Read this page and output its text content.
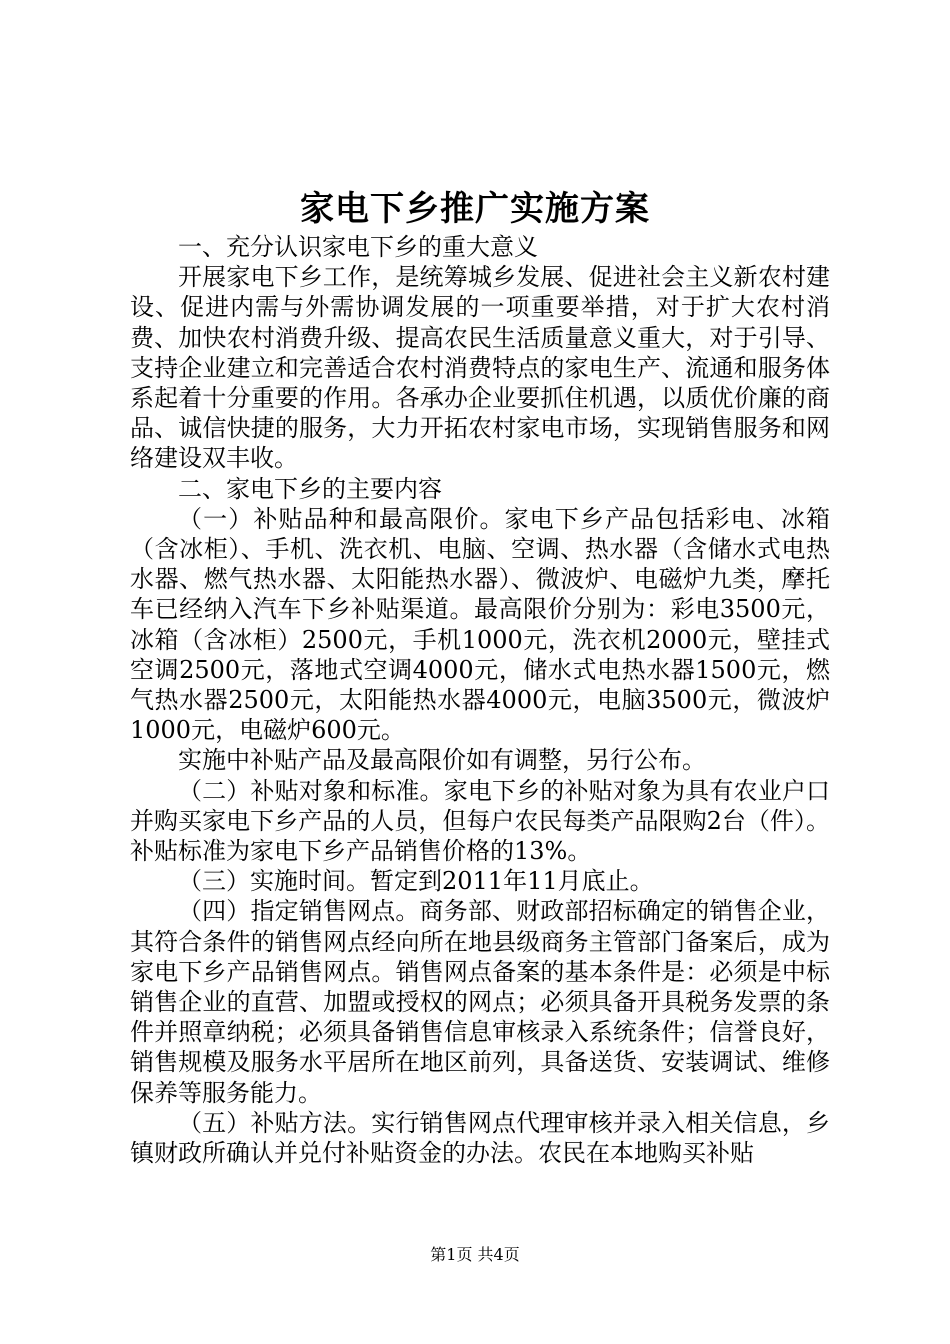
家电下乡推广实施方案

一、充分认识家电下乡的重大意义

开展家电下乡工作，是统筹城乡发展、促进社会主义新农村建设、促进内需与外需协调发展的一项重要举措，对于扩大农村消费、加快农村消费升级、提高农民生活质量意义重大，对于引导、支持企业建立和完善适合农村消费特点的家电生产、流通和服务体系起着十分重要的作用。各承办企业要抓住机遇，以质优价廉的商品、诚信快捷的服务，大力开拓农村家电市场，实现销售服务和网络建设双丰收。

二、家电下乡的主要内容

（一）补贴品种和最高限价。家电下乡产品包括彩电、冰箱（含冰柜）、手机、洗衣机、电脑、空调、热水器（含储水式电热水器、燃气热水器、太阳能热水器）、微波炉、电磁炉九类，摩托车已经纳入汽车下乡补贴渠道。最高限价分别为：彩电3500元，冰箱（含冰柜）2500元，手机1000元，洗衣机2000元，壁挂式空调2500元，落地式空调4000元，储水式电热水器1500元，燃气热水器2500元，太阳能热水器4000元，电脑3500元，微波炉1000元，电磁炉600元。

实施中补贴产品及最高限价如有调整，另行公布。

（二）补贴对象和标准。家电下乡的补贴对象为具有农业户口并购买家电下乡产品的人员，但每户农民每类产品限购2台（件）。补贴标准为家电下乡产品销售价格的13%。

（三）实施时间。暂定到2011年11月底止。

（四）指定销售网点。商务部、财政部招标确定的销售企业，其符合条件的销售网点经向所在地县级商务主管部门备案后，成为家电下乡产品销售网点。销售网点备案的基本条件是：必须是中标销售企业的直营、加盟或授权的网点；必须具备开具税务发票的条件并照章纳税；必须具备销售信息审核录入系统条件；信誉良好，销售规模及服务水平居所在地区前列，具备送货、安装调试、维修保养等服务能力。

（五）补贴方法。实行销售网点代理审核并录入相关信息，乡镇财政所确认并兑付补贴资金的办法。农民在本地购买补贴

第1页 共4页
